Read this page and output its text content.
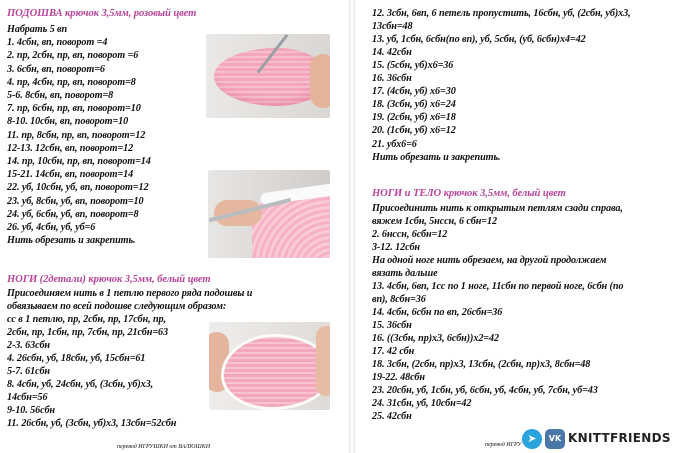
ПОДОШВА крючок 3,5мм, розовый цвет
Набрать 5 вп
1. 4сбн, вп, поворот =4
2. пр, 2сбн, пр, вп, поворот =6
3. 6сбн, вп, поворот=6
4. пр, 4сбн, пр, вп, поворот=8
5-6. 8сбн, вп, поворот=8
7. пр, 6сбн, пр, вп, поворот=10
8-10. 10сбн, вп, поворот=10
11. пр, 8сбн, пр, вп, поворот=12
12-13. 12сбн, вп, поворот=12
14. пр, 10сбн, пр, вп, поворот=14
15-21. 14сбн, вп, поворот=14
22. уб, 10сбн, уб, вп, поворот=12
23. уб, 8сбн, уб, вп, поворот=10
24. уб, 6сбн, уб, вп, поворот=8
26. уб, 4сбн, уб, уб=6
Нить обрезать и закрепить.
НОГИ (2детали) крючок 3,5мм, белый цвет
Присоединяем нить в 1 петлю первого ряда подошвы и
обвязываем по всей подошве следующим образом:
сс в 1 петлю, пр, 2сбн, пр, 17сбн, пр,
2сбн, пр, 1сбн, пр, 7сбн, пр, 21сбн=63
2-3. 63сбн
4. 26сбн, уб, 18сбн, уб, 15сбн=61
5-7. 61сбн
8. 4сбн, уб, 24сбн, уб, (3сбн, уб)х3,
14сбн=56
9-10. 56сбн
11. 26сбн, уб, (3сбн, уб)х3, 13сбн=52сбн
перевод ИГРУШКИ от ВАЛЮШКИ
12. 3сбн, 6вп, 6 петель пропустить, 16сбн, уб, (2сбн, уб)х3,
13сбн=48
13. уб, 1сбн, 6сбн(по вп), уб, 5сбн, (уб, 6сбн)х4=42
14. 42сбн
15. (5сбн, уб)х6=36
16. 36сбн
17. (4сбн, уб) х6=30
18. (3сбн, уб) х6=24
19. (2сбн, уб) х6=18
20. (1сбн, уб) х6=12
21. убх6=6
Нить обрезать и закрепить.
НОГИ и ТЕЛО крючок 3,5мм, белый цвет
Присоединить нить к открытым петлям сзади справа,
вяжем 1сбн, 5нсcн, 6 сбн=12
2. 6нсcн, 6сбн=12
3-12. 12сбн
На одной ноге нить обрезаем, на другой продолжаем
вязать дальше
13. 4сбн, 6вп, 1сс по 1 ноге, 11сбн по первой ноге, 6сбн (по
вп), 8сбн=36
14. 4сбн, 6сбн по вп, 26сбн=36
15. 36сбн
16. ((3сбн, пр)х3, 6сбн))х2=42
17. 42 сбн
18. 3сбн, (2сбн, пр)х3, 13сбн, (2сбн, пр)х3, 8сбн=48
19-22. 48сбн
23. 20сбн, уб, 1сбн, уб, 6сбн, уб, 4сбн, уб, 7сбн, уб=43
24. 31сбн, уб, 10сбн=42
25. 42сбн
перевод ИГРУ ➤	VK KNITTFRIENDS
